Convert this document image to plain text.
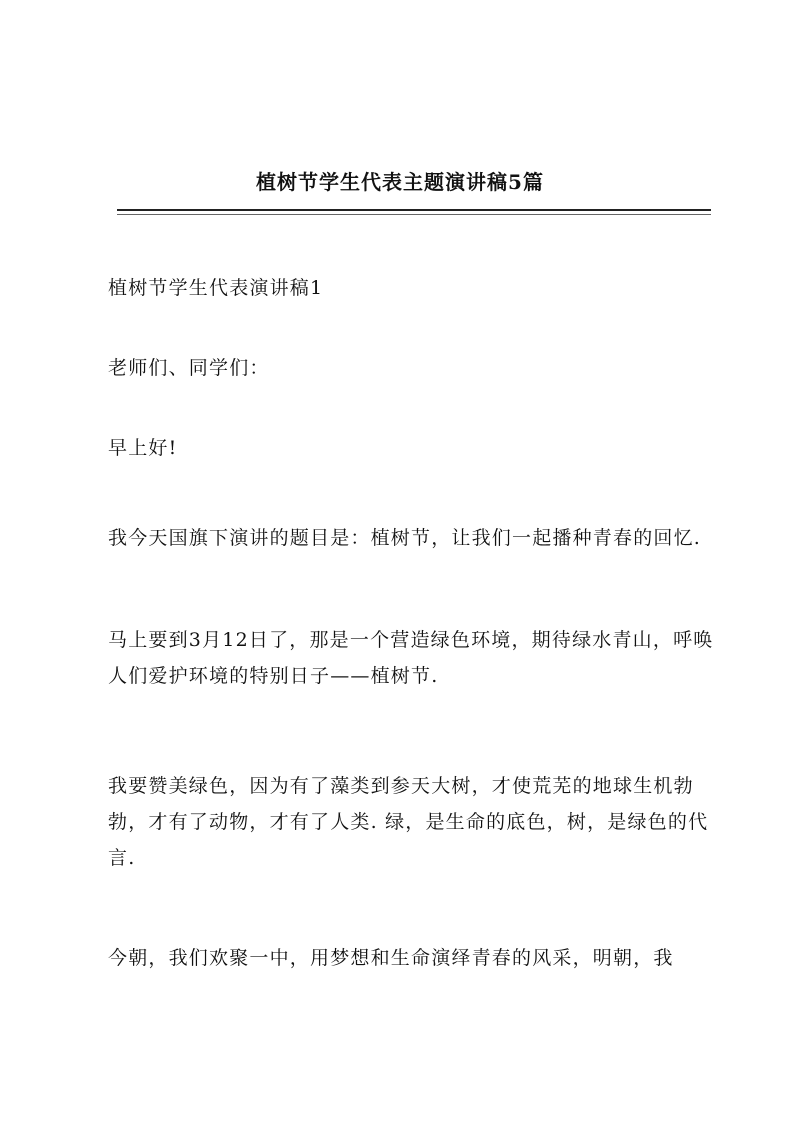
植树节学生代表主题演讲稿5篇

植树节学生代表演讲稿1

老师们、同学们：

早上好!

我今天国旗下演讲的题目是：植树节，让我们一起播种青春的回忆.

马上要到3月12日了，那是一个营造绿色环境，期待绿水青山，呼唤人们爱护环境的特别日子——植树节.

我要赞美绿色，因为有了藻类到参天大树，才使荒芜的地球生机勃勃，才有了动物，才有了人类. 绿，是生命的底色，树，是绿色的代言.

今朝，我们欢聚一中，用梦想和生命演绎青春的风采，明朝，我
